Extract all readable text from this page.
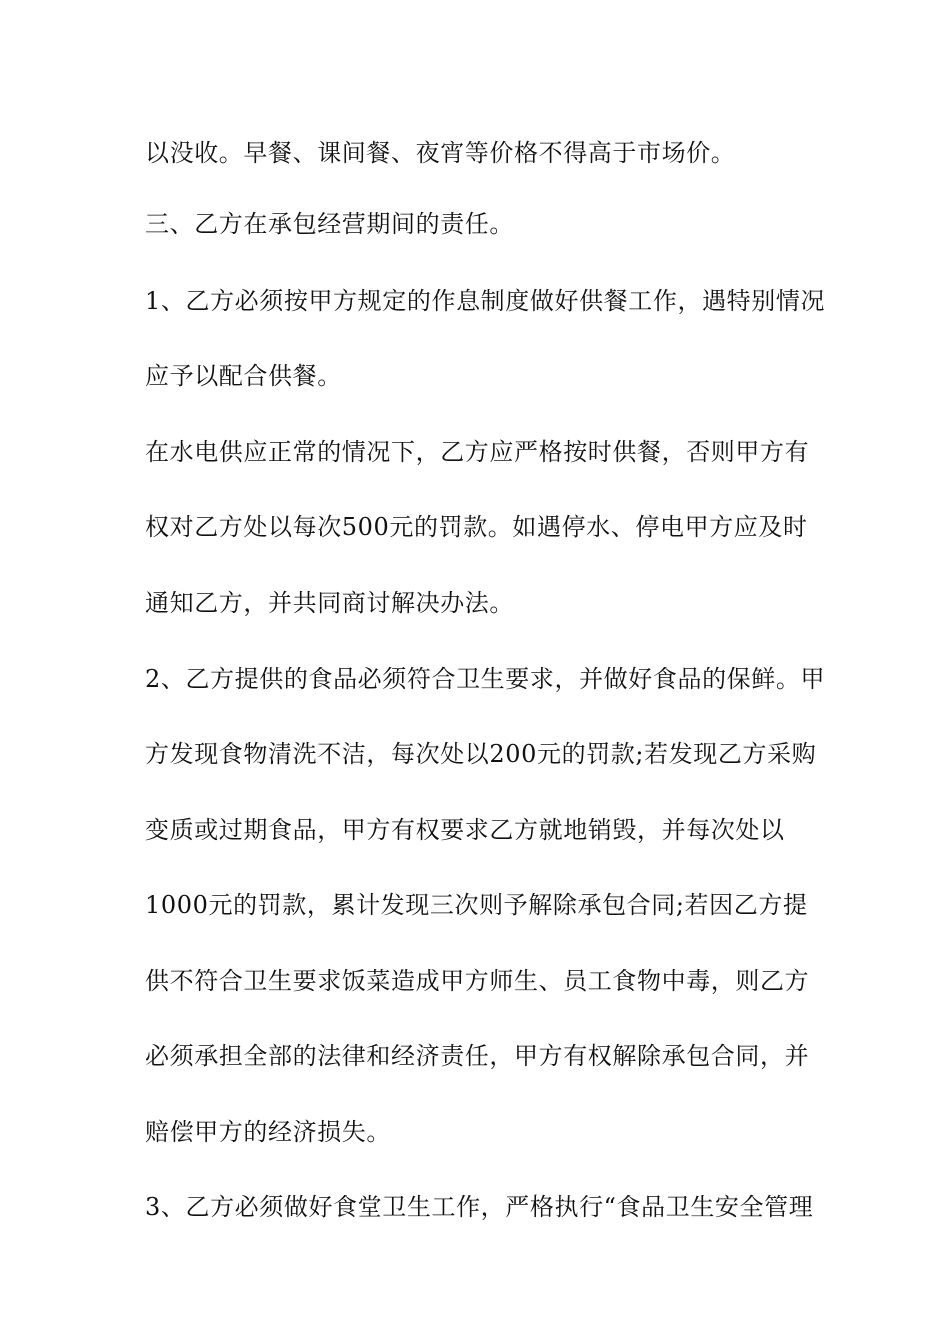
以没收。早餐、课间餐、夜宵等价格不得高于市场价。
三、乙方在承包经营期间的责任。
1、乙方必须按甲方规定的作息制度做好供餐工作，遇特别情况
应予以配合供餐。
在水电供应正常的情况下，乙方应严格按时供餐，否则甲方有
权对乙方处以每次500元的罚款。如遇停水、停电甲方应及时
通知乙方，并共同商讨解决办法。
2、乙方提供的食品必须符合卫生要求，并做好食品的保鲜。甲
方发现食物清洗不洁，每次处以200元的罚款;若发现乙方采购
变质或过期食品，甲方有权要求乙方就地销毁，并每次处以
1000元的罚款，累计发现三次则予解除承包合同;若因乙方提
供不符合卫生要求饭菜造成甲方师生、员工食物中毒，则乙方
必须承担全部的法律和经济责任，甲方有权解除承包合同，并
赔偿甲方的经济损失。
3、乙方必须做好食堂卫生工作，严格执行“食品卫生安全管理
